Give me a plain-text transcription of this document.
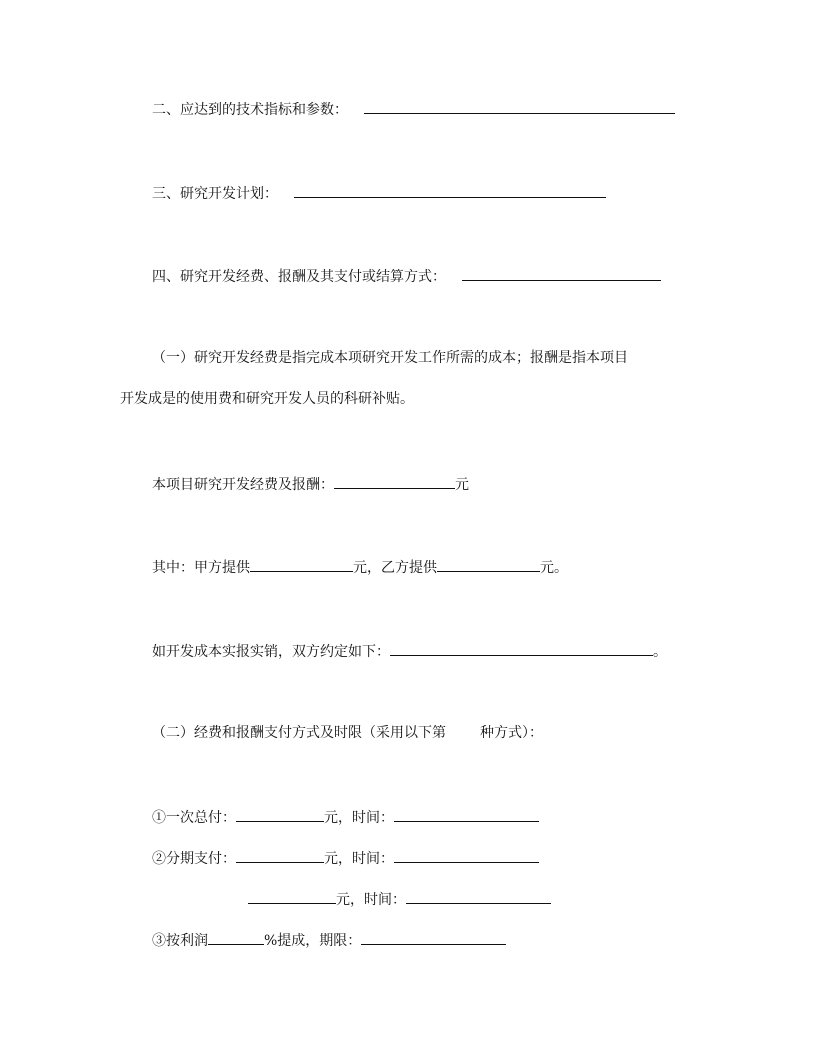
二、应达到的技术指标和参数：
三、研究开发计划：
四、研究开发经费、报酬及其支付或结算方式：
（一）研究开发经费是指完成本项研究开发工作所需的成本；报酬是指本项目
开发成是的使用费和研究开发人员的科研补贴。
本项目研究开发经费及报酬：	元
其中：甲方提供	元，乙方提供	元。
如开发成本实报实销，双方约定如下：	。
（二）经费和报酬支付方式及时限（采用以下第 种方式）：
①一次总付：	元，时间：
②分期支付：	元，时间：
元，时间：
③按利润	%提成，期限：
